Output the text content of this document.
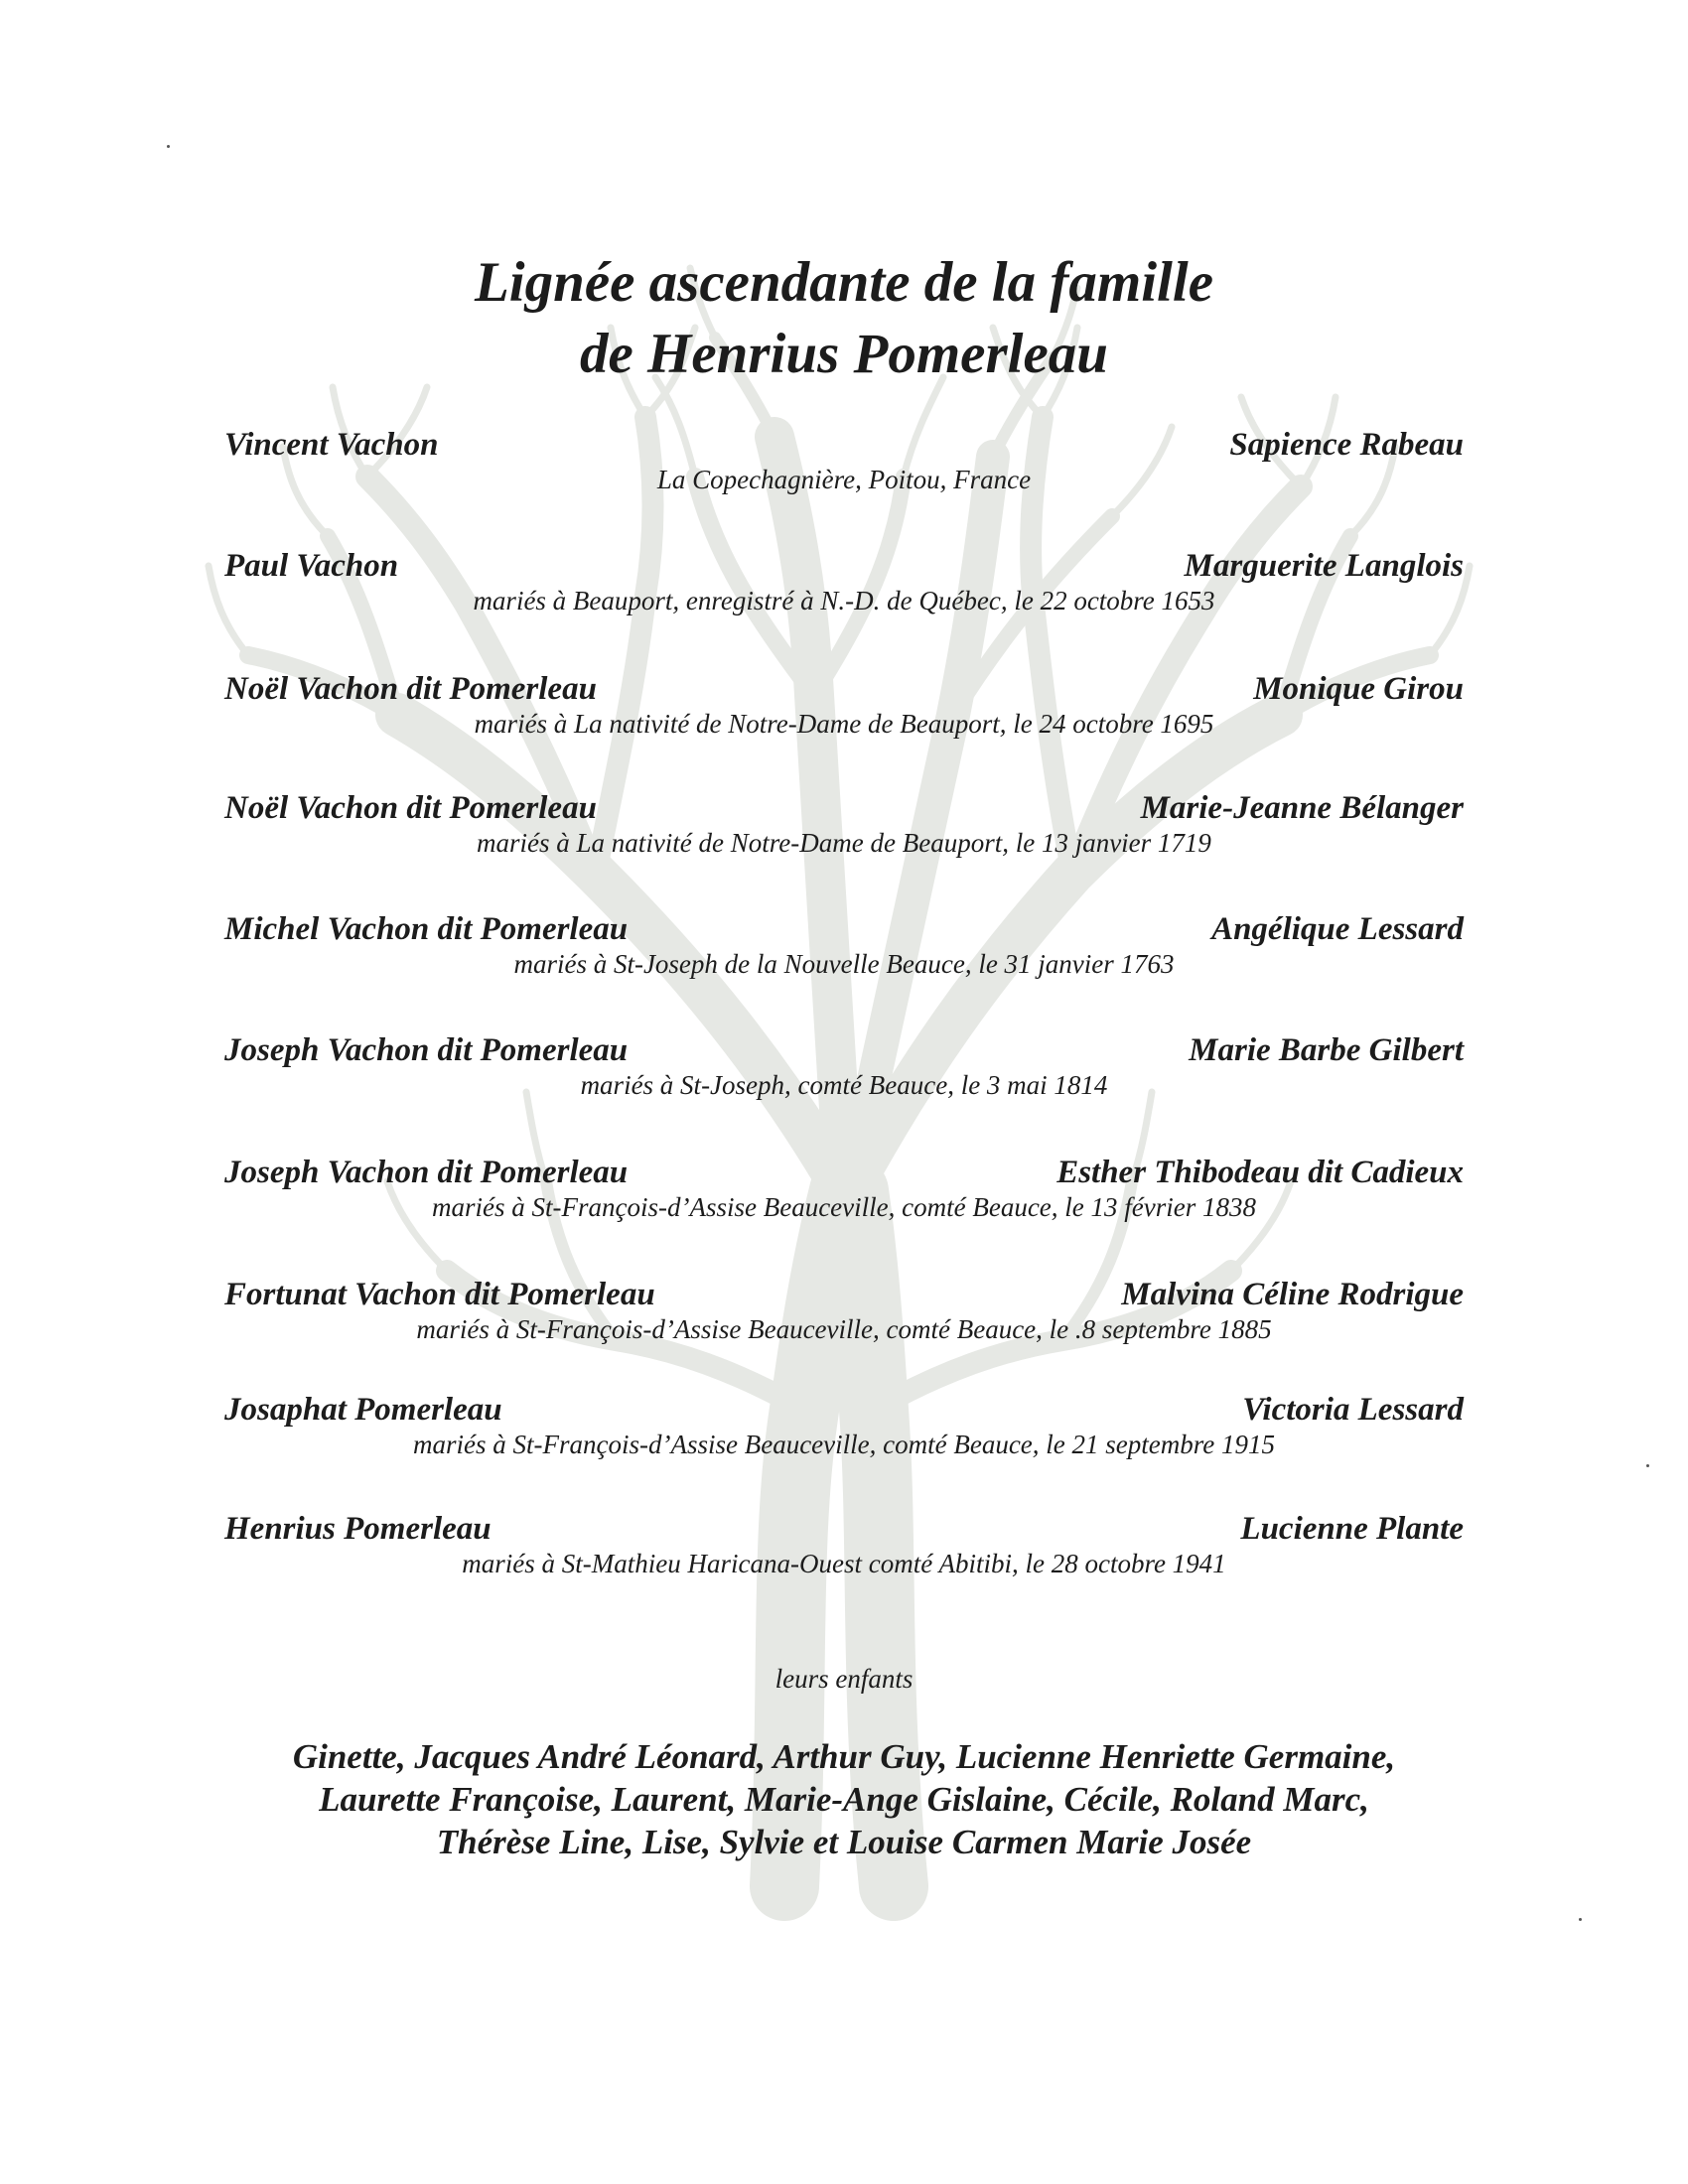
Lignée ascendante de la famille
de Henrius Pomerleau
Vincent Vachon	Sapience Rabeau
La Copechagnière, Poitou, France
Paul Vachon	Marguerite Langlois
mariés à Beauport, enregistré à N.-D. de Québec, le 22 octobre 1653
Noël Vachon dit Pomerleau	Monique Girou
mariés à La nativité de Notre-Dame de Beauport, le 24 octobre 1695
Noël Vachon dit Pomerleau	Marie-Jeanne Bélanger
mariés à La nativité de Notre-Dame de Beauport, le 13 janvier 1719
Michel Vachon dit Pomerleau	Angélique Lessard
mariés à St-Joseph de la Nouvelle Beauce, le 31 janvier 1763
Joseph Vachon dit Pomerleau	Marie Barbe Gilbert
mariés à St-Joseph, comté Beauce, le 3 mai 1814
Joseph Vachon dit Pomerleau	Esther Thibodeau dit Cadieux
mariés à St-François-d’Assise Beauceville, comté Beauce, le 13 février 1838
Fortunat Vachon dit Pomerleau	Malvina Céline Rodrigue
mariés à St-François-d’Assise Beauceville, comté Beauce, le .8 septembre 1885
Josaphat Pomerleau	Victoria Lessard
mariés à St-François-d’Assise Beauceville, comté Beauce, le 21 septembre 1915
Henrius Pomerleau	Lucienne Plante
mariés à St-Mathieu Haricana-Ouest comté Abitibi, le 28 octobre 1941
leurs enfants
Ginette, Jacques André Léonard, Arthur Guy, Lucienne Henriette Germaine,
Laurette Françoise, Laurent, Marie-Ange Gislaine, Cécile, Roland Marc,
Thérèse Line, Lise, Sylvie et Louise Carmen Marie Josée
